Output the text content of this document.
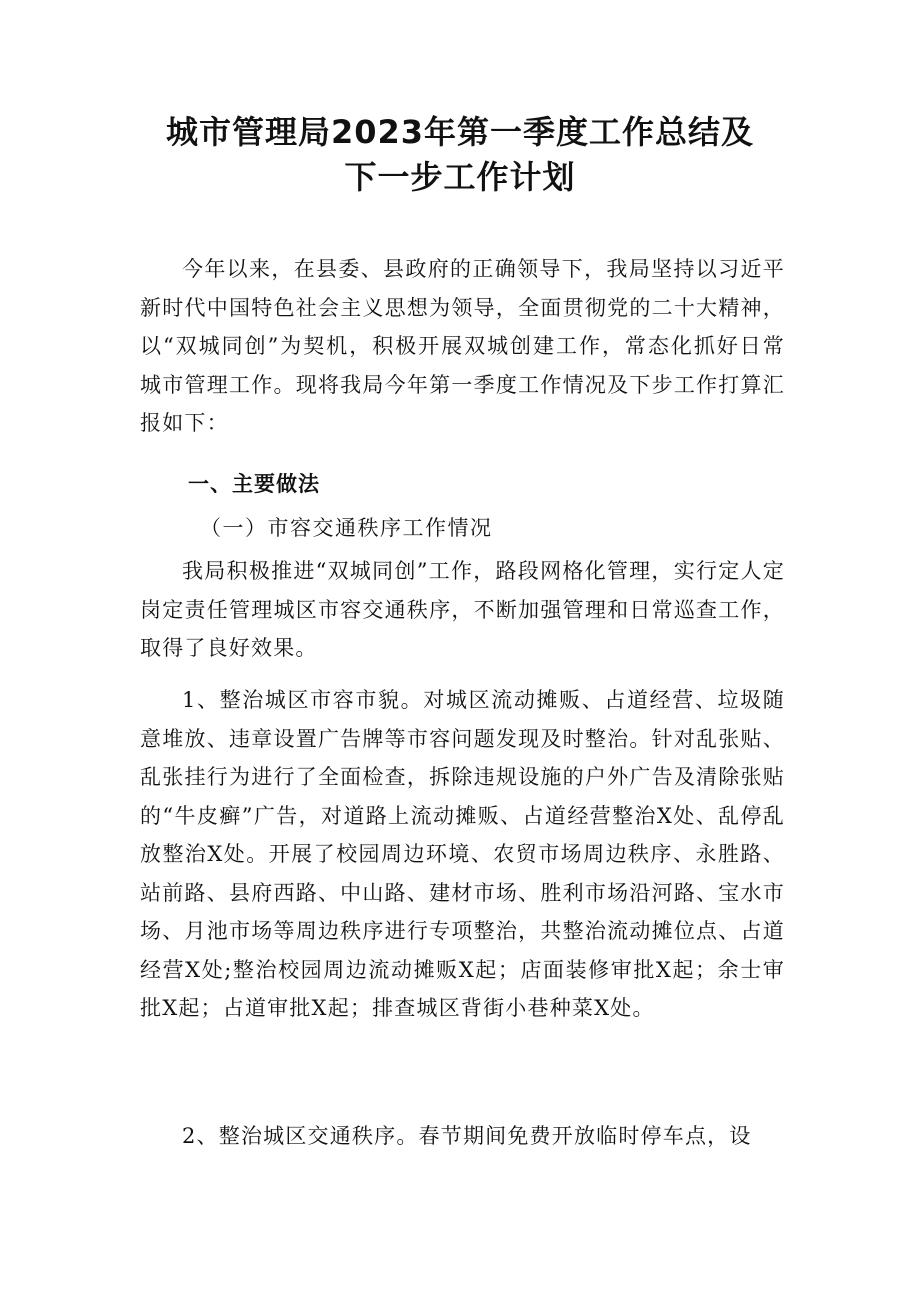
城市管理局2023年第一季度工作总结及
下一步工作计划

今年以来，在县委、县政府的正确领导下，我局坚持以习近平新时代中国特色社会主义思想为领导，全面贯彻党的二十大精神，以“双城同创”为契机，积极开展双城创建工作，常态化抓好日常城市管理工作。现将我局今年第一季度工作情况及下步工作打算汇报如下：

一、主要做法
（一）市容交通秩序工作情况

我局积极推进“双城同创”工作，路段网格化管理，实行定人定岗定责任管理城区市容交通秩序，不断加强管理和日常巡查工作，取得了良好效果。

1、整治城区市容市貌。对城区流动摊贩、占道经营、垃圾随意堆放、违章设置广告牌等市容问题发现及时整治。针对乱张贴、乱张挂行为进行了全面检查，拆除违规设施的户外广告及清除张贴的“牛皮癣”广告，对道路上流动摊贩、占道经营整治X处、乱停乱放整治X处。开展了校园周边环境、农贸市场周边秩序、永胜路、站前路、县府西路、中山路、建材市场、胜利市场沿河路、宝水市场、月池市场等周边秩序进行专项整治，共整治流动摊位点、占道经营X处;整治校园周边流动摊贩X起；店面装修审批X起；余士审批X起；占道审批X起；排查城区背街小巷种菜X处。

2、整治城区交通秩序。春节期间免费开放临时停车点，设
